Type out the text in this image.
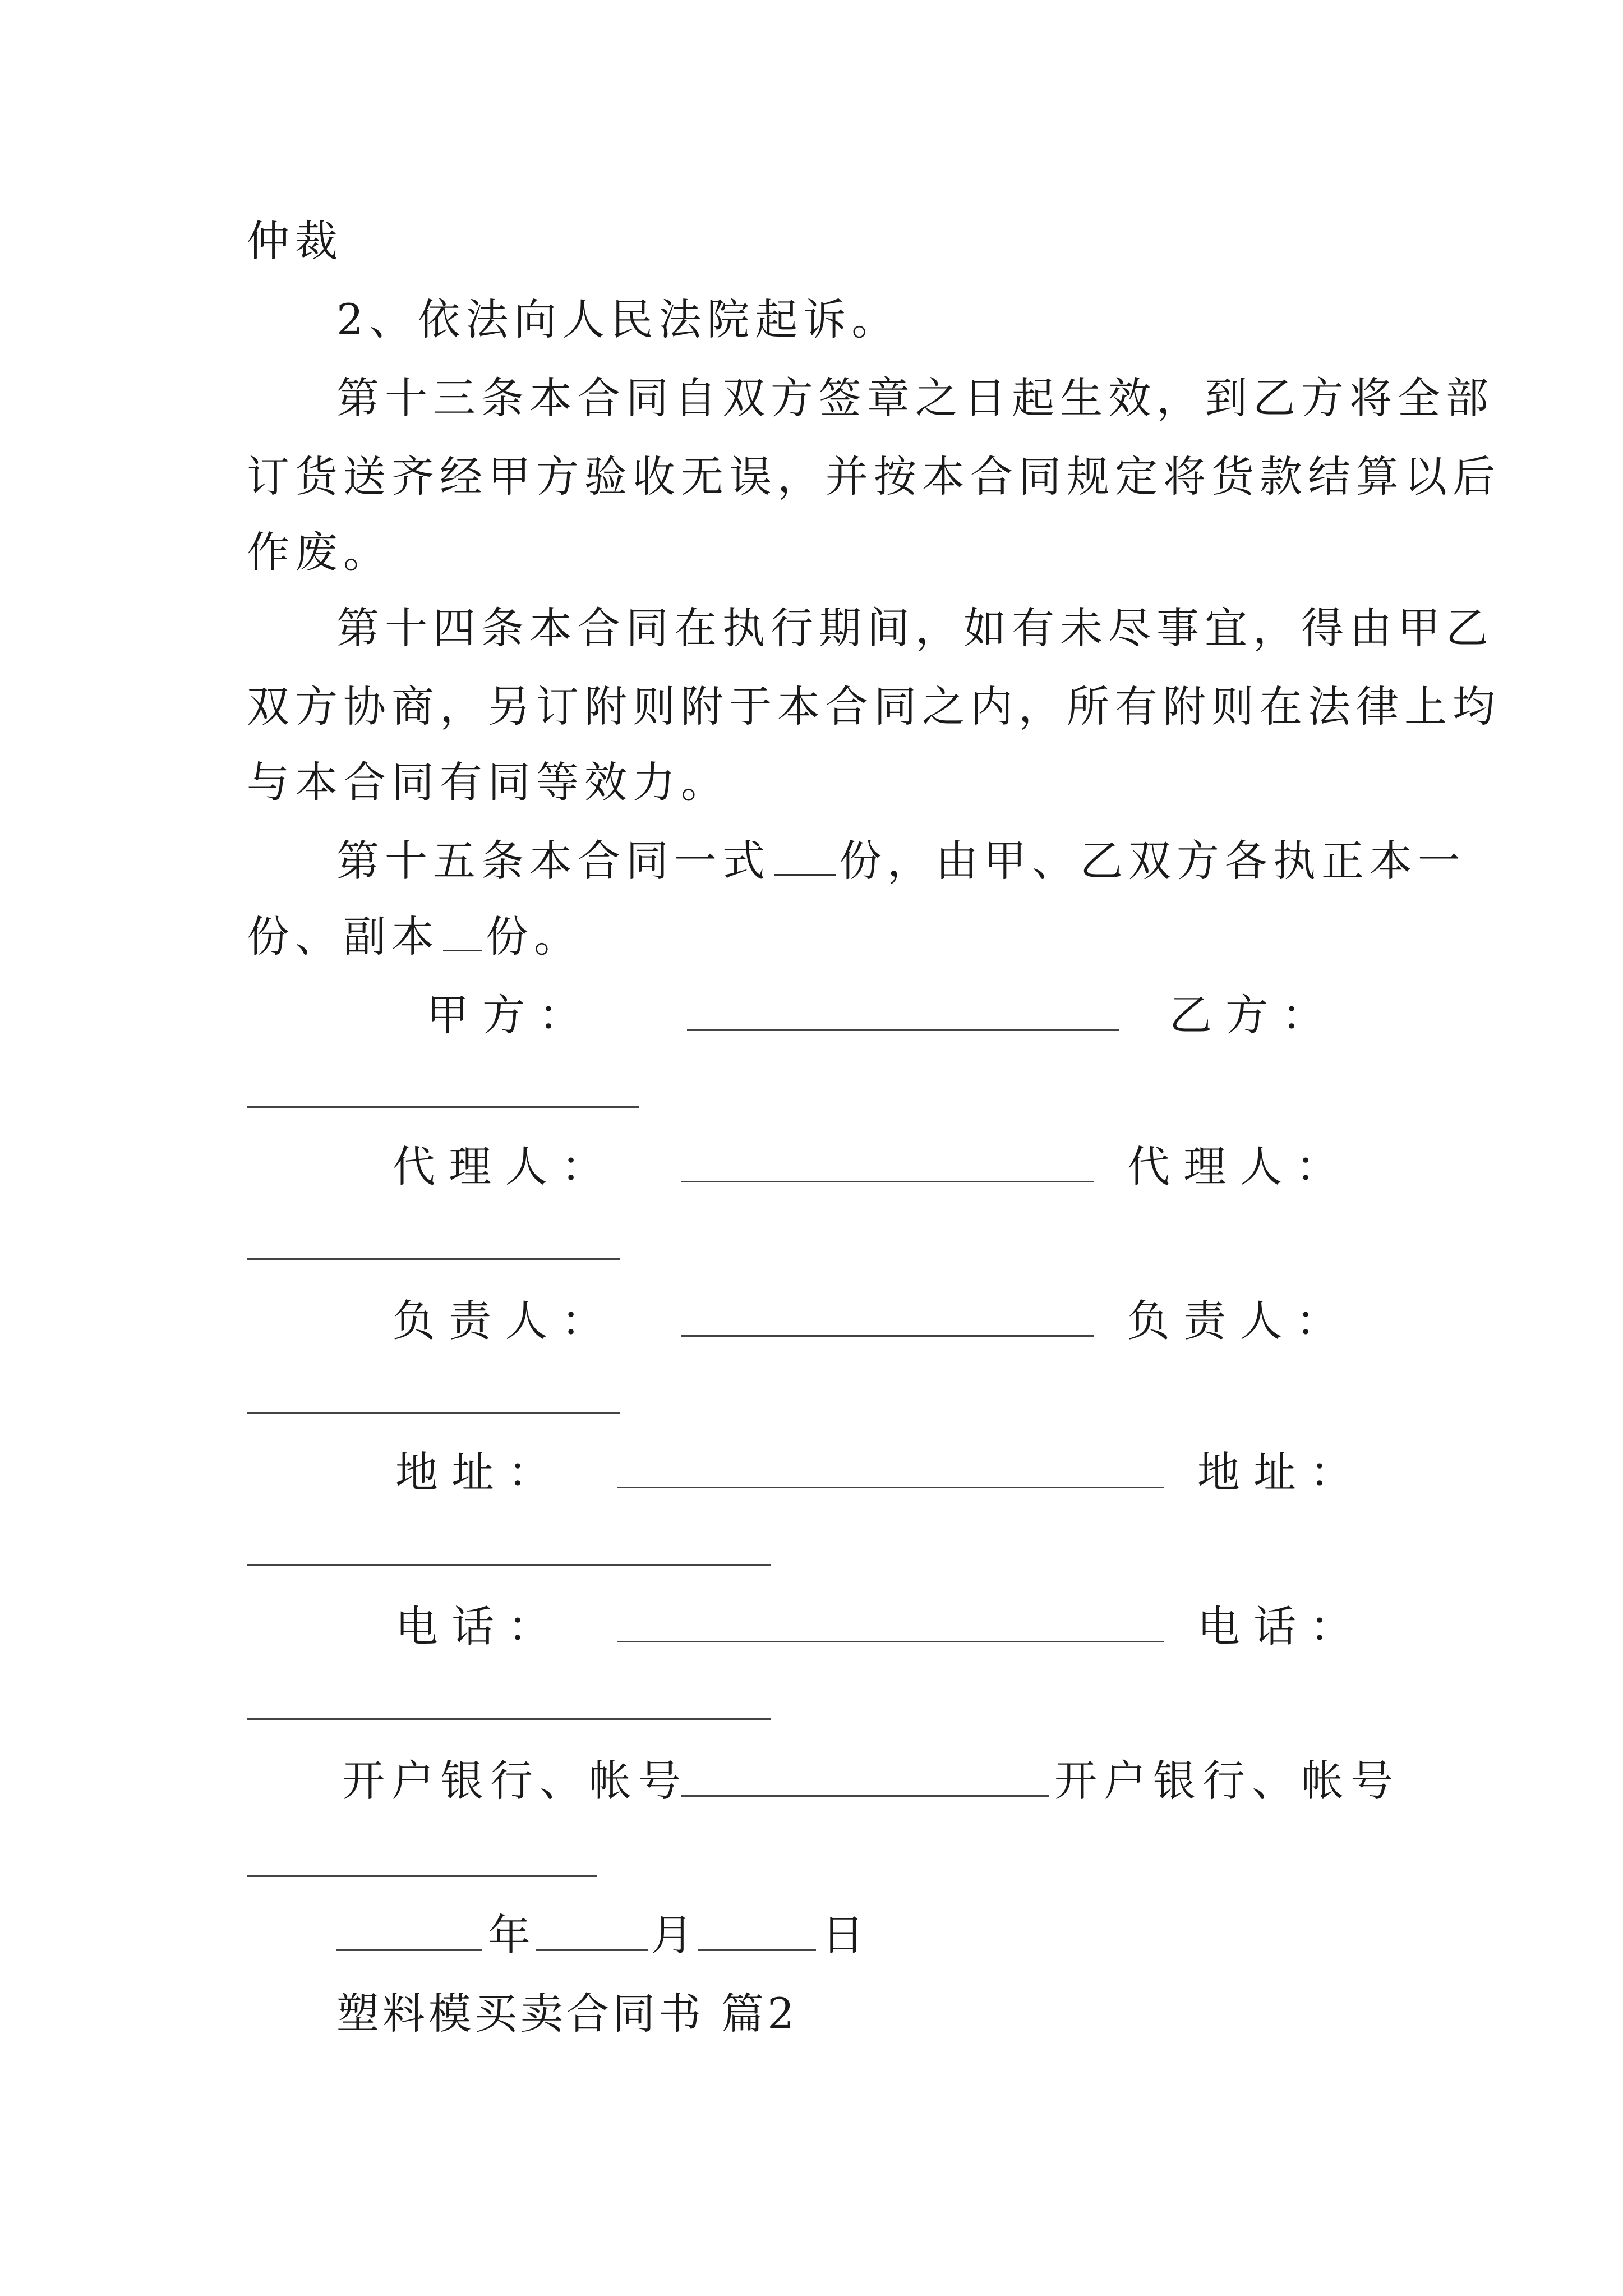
仲裁
2、依法向人民法院起诉。
第十三条本合同自双方签章之日起生效，到乙方将全部
订货送齐经甲方验收无误，并按本合同规定将货款结算以后
作废。
第十四条本合同在执行期间，如有未尽事宜，得由甲乙
双方协商，另订附则附于本合同之内，所有附则在法律上均
与本合同有同等效力。
第十五条本合同一式 份，由甲、乙双方各执正本一
份、副本 份。
甲 方 ：	乙 方 ：
代 理 人 ：	代 理 人 ：
负 责 人 ：	负 责 人 ：
地 址 ：	地 址 ：
电 话 ：	电 话 ：
开户银行、帐号	开户银行、帐号
年	月	日
塑料模买卖合同书 篇2
